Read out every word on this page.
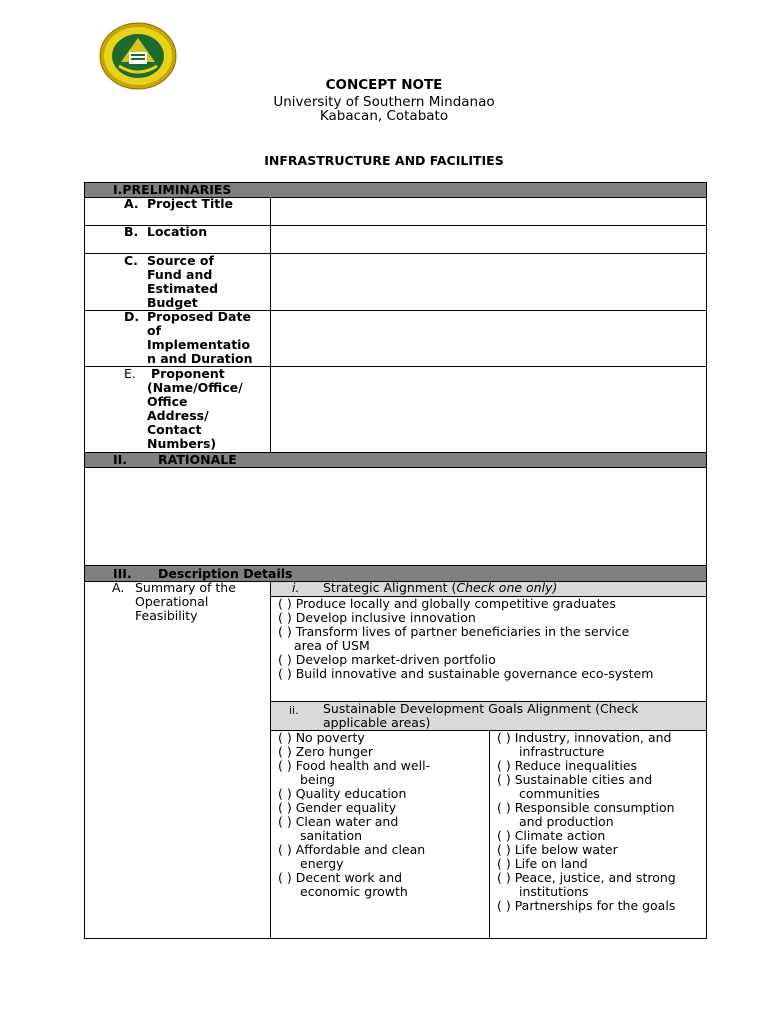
CONCEPT NOTE
University of Southern Mindanao
Kabacan, Cotabato
INFRASTRUCTURE AND FACILITIES
I.PRELIMINARIES
A. Project Title
B. Location
C. Source of
Fund and
Estimated
Budget
D. Proposed Date
of
Implementatio
n and Duration
E.	Proponent
(Name/Office/
Office
Address/
Contact
Numbers)
II. RATIONALE
III. Description Details
A. Summary of the
Operational
Feasibility
i. Strategic Alignment (Check one only)
( ) Produce locally and globally competitive graduates
( ) Develop inclusive innovation
( ) Transform lives of partner beneficiaries in the service
area of USM
( ) Develop market-driven portfolio
( ) Build innovative and sustainable governance eco-system
ii. Sustainable Development Goals Alignment (Check
applicable areas)
( ) No poverty
( ) Zero hunger
( ) Food health and well-
being
( ) Quality education
( ) Gender equality
( ) Clean water and
sanitation
( ) Affordable and clean
energy
( ) Decent work and
economic growth
( ) Industry, innovation, and
infrastructure
( ) Reduce inequalities
( ) Sustainable cities and
communities
( ) Responsible consumption
and production
( ) Climate action
( ) Life below water
( ) Life on land
( ) Peace, justice, and strong
institutions
( ) Partnerships for the goals
